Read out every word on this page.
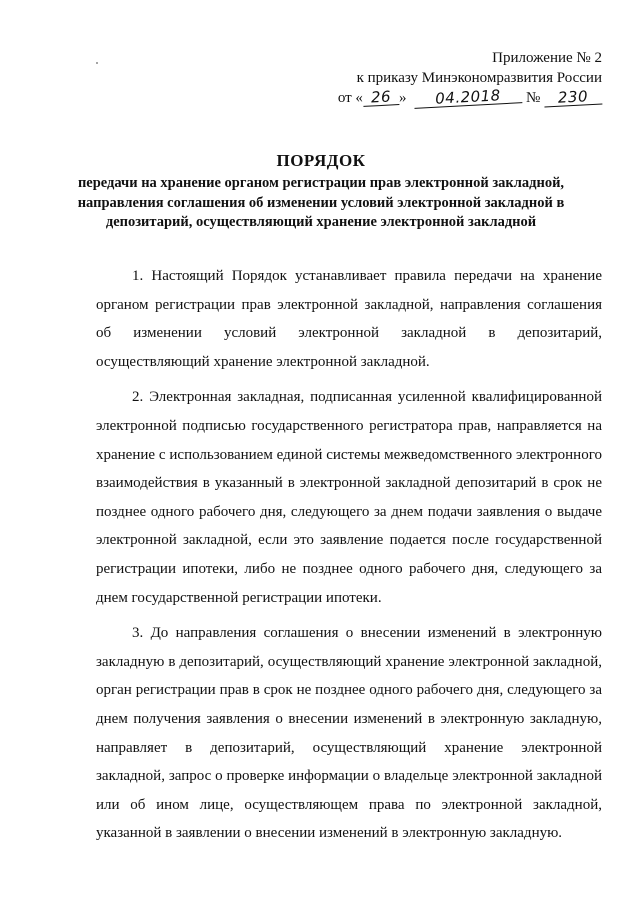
Приложение № 2
к приказу Минэкономразвития России
от « 26 » 04.2018 № 230
ПОРЯДОК
передачи на хранение органом регистрации прав электронной закладной, направления соглашения об изменении условий электронной закладной в депозитарий, осуществляющий хранение электронной закладной

1. Настоящий Порядок устанавливает правила передачи на хранение органом регистрации прав электронной закладной, направления соглашения об изменении условий электронной закладной в депозитарий, осуществляющий хранение электронной закладной.

2. Электронная закладная, подписанная усиленной квалифицированной электронной подписью государственного регистратора прав, направляется на хранение с использованием единой системы межведомственного электронного взаимодействия в указанный в электронной закладной депозитарий в срок не позднее одного рабочего дня, следующего за днем подачи заявления о выдаче электронной закладной, если это заявление подается после государственной регистрации ипотеки, либо не позднее одного рабочего дня, следующего за днем государственной регистрации ипотеки.

3. До направления соглашения о внесении изменений в электронную закладную в депозитарий, осуществляющий хранение электронной закладной, орган регистрации прав в срок не позднее одного рабочего дня, следующего за днем получения заявления о внесении изменений в электронную закладную, направляет в депозитарий, осуществляющий хранение электронной закладной, запрос о проверке информации о владельце электронной закладной или об ином лице, осуществляющем права по электронной закладной, указанной в заявлении о внесении изменений в электронную закладную.
